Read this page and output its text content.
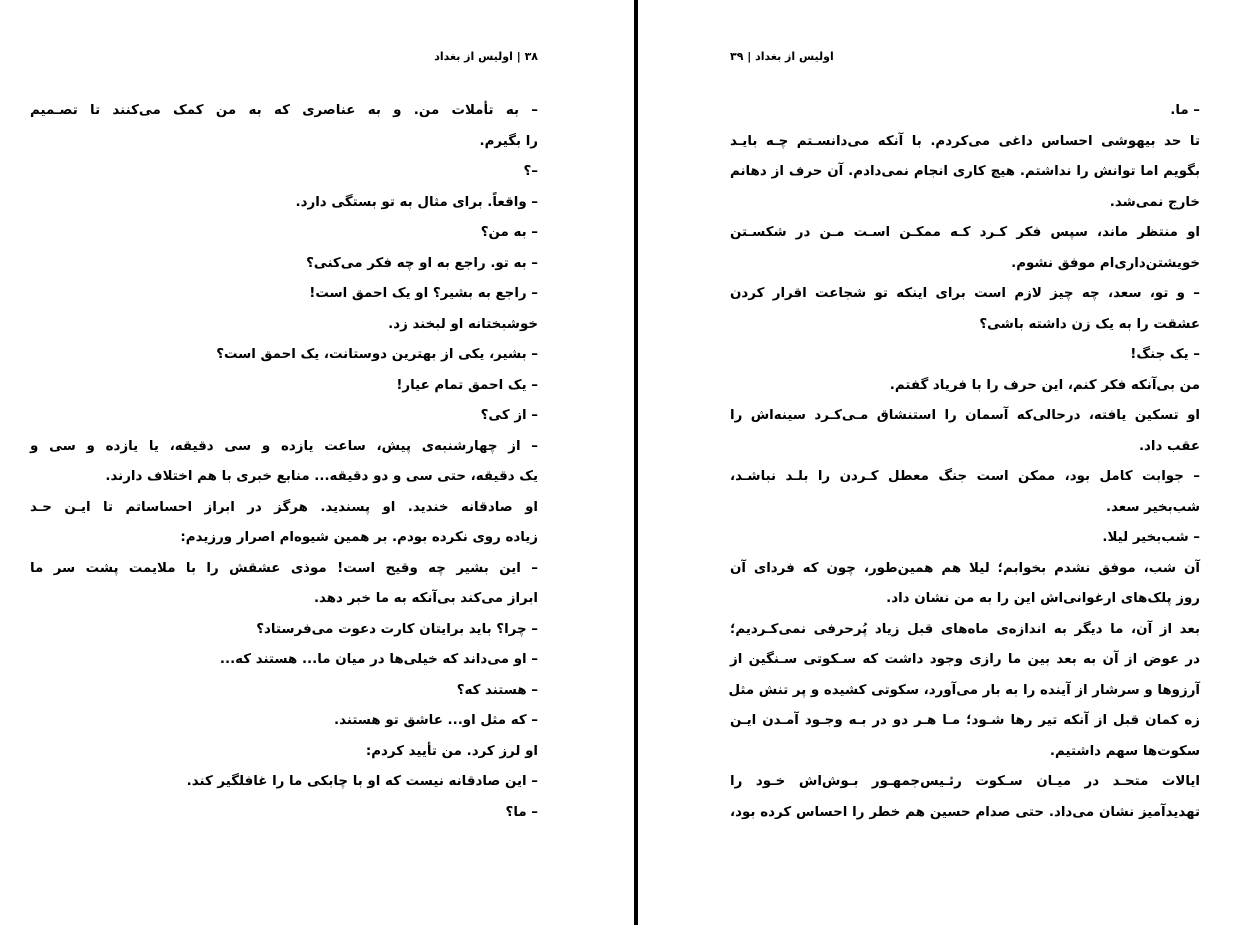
۳۸ | اولیس از بغداد
– به تأملات من. و به عناصری که به من کمک می‌کنند تا تصـمیم
را بگیرم.
–؟
– واقعاً. برای مثال به تو بستگی دارد.
– به من؟
– به تو. راجع به او چه فکر می‌کنی؟
– راجع به بشیر؟ او یک احمق است!
خوشبختانه او لبخند زد.
– بشیر، یکی از بهترین دوستانت، یک احمق است؟
– یک احمق تمام عیار!
– از کی؟
– از چهارشنبه‌ی پیش، ساعت یازده و سی دقیقه، یا یازده و سی و
یک دقیقه، حتی سی و دو دقیقه... منابع خبری با هم اختلاف دارند.
او صادقانه خندید. او پسندید. هرگز در ابراز احساساتم تا ایـن حـد
زیاده روی نکرده بودم. بر همین شیوه‌ام اصرار ورزیدم:
– این بشیر چه وقیح است! موذی عشقش را با ملایمت پشت سر ما
ابراز می‌کند بی‌آنکه به ما خبر دهد.
– چرا؟ باید برایتان کارت دعوت می‌فرستاد؟
– او می‌داند که خیلی‌ها در میان ما... هستند که...
– هستند که؟
– که مثل او... عاشق تو هستند.
او لرز کرد. من تأیید کردم:
– این صادقانه نیست که او با چابکی ما را غافلگیر کند.
– ما؟
اولیس از بغداد | ۳۹
– ما.
تا حد بیهوشی احساس داغی می‌کردم. با آنکه می‌دانسـتم چـه بایـد
بگویم اما توانش را نداشتم. هیچ کاری انجام نمی‌دادم. آن حرف از دهانم
خارج نمی‌شد.
او منتظر ماند، سپس فکر کـرد کـه ممکـن اسـت مـن در شکسـتن
خویشتن‌داری‌ام موفق نشوم.
– و تو، سعد، چه چیز لازم است برای اینکه تو شجاعت اقرار کردن
عشقت را به یک زن داشته باشی؟
– یک جنگ!
من بی‌آنکه فکر کنم، این حرف را با فریاد گفتم.
او تسکین یافته، درحالی‌که آسمان را استنشاق مـی‌کـرد سینه‌اش را
عقب داد.
– جوابت کامل بود، ممکن است جنگ معطل کـردن را بلـد نباشـد،
شب‌بخیر سعد.
– شب‌بخیر لیلا.
آن شب، موفق نشدم بخوابم؛ لیلا هم همین‌طور، چون که فردای آن
روز پلک‌های ارغوانی‌اش این را به من نشان داد.
بعد از آن، ما دیگر به اندازه‌ی ماه‌های قبل زیاد پُرحرفی نمی‌کـردیم؛
در عوض از آن به بعد بین ما رازی وجود داشت که سـکوتی سـنگین از
آرزوها و سرشار از آینده را به بار می‌آورد، سکوتی کشیده و پر تنش مثل
زه کمان قبل از آنکه تیر رها شـود؛ مـا هـر دو در بـه وجـود آمـدن ایـن
سکوت‌ها سهم داشتیم.
ایالات متحـد در میـان سـکوت رئـیس‌جمهـور بـوش‌اش خـود را
تهدیدآمیز نشان می‌داد. حتی صدام حسین هم خطر را احساس کرده بود،
